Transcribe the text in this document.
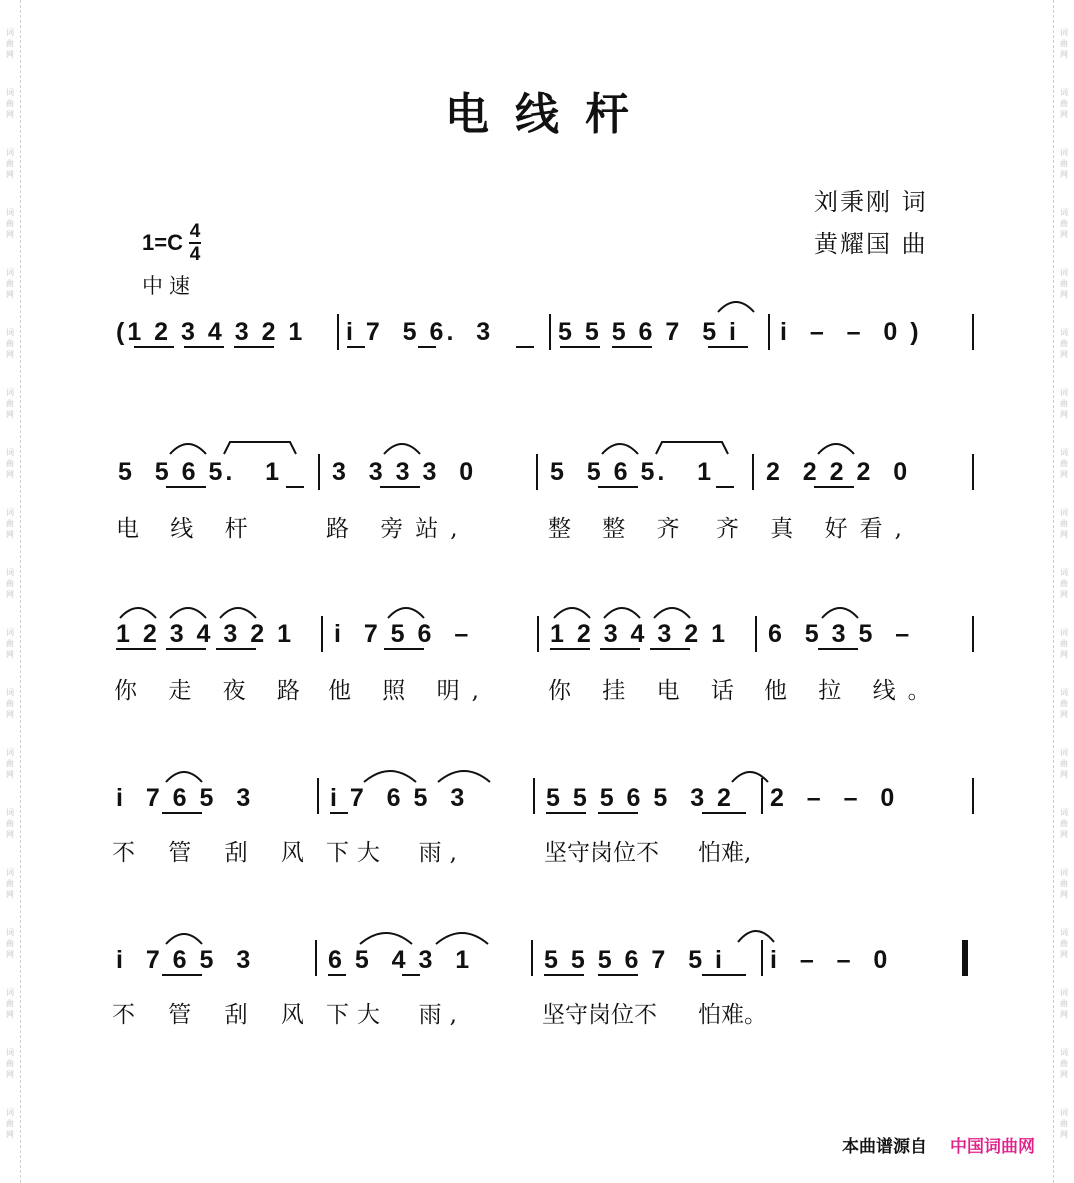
词曲网
词曲网
词曲网
词曲网
词曲网
词曲网
词曲网
词曲网
词曲网
词曲网
词曲网
词曲网
词曲网
词曲网
词曲网
词曲网
词曲网
词曲网
词曲网
词曲网
词曲网
词曲网
词曲网
词曲网
词曲网
词曲网
词曲网
词曲网
词曲网
词曲网
词曲网
词曲网
词曲网
词曲网
词曲网
词曲网
词曲网
词曲网
电线杆
刘秉刚 词
黄耀国 曲
1=C 4
4
中速
(1 2 3 4 3 2 1 i 7  5 6.  3	5 5 5 6 7  5 i i  –  –  0 )
5  5 6 5.   1 3  3 3 3  0	5  5 6 5.   1 2  2 2 2  0
电 线 杆	路 旁站,	整 整 齐 齐 真 好看,
1 2 3 4 3 2 1 i  7 5 6  –	1 2 3 4 3 2 1 6  5 3 5  –
你 走 夜 路 他 照 明, 你 挂 电 话 他 拉 线。
i  7 6 5  3	i 7  6 5  3	5 5 5 6 5  3 2 2  –  –  0
不 管 刮 风 下大  雨,	坚守岗位不 怕难,
i  7 6 5  3	6 5  4 3  1	5 5 5 6 7  5 i i  –  –  0
不 管 刮 风 下大  雨,	坚守岗位不 怕难。
本曲谱源自 中国词曲网
